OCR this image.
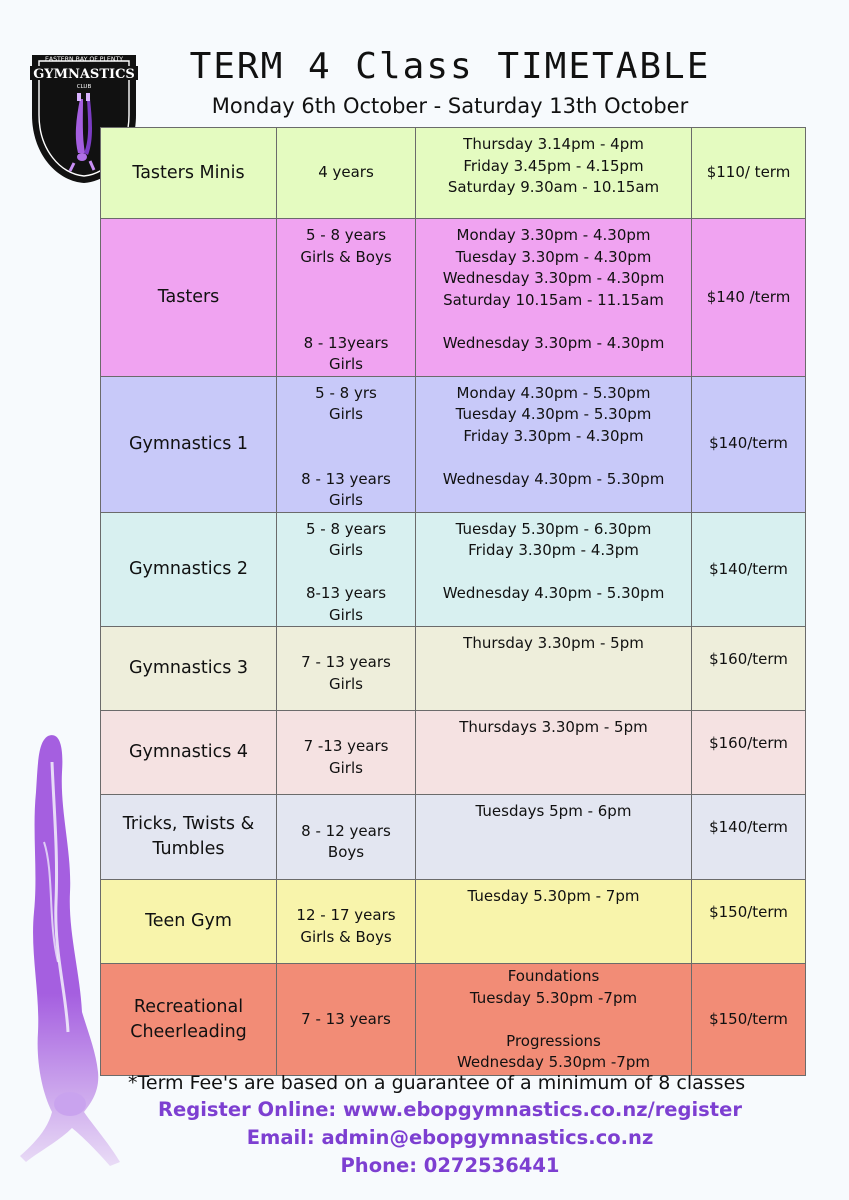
EASTERN BAY OF PLENTY
GYMNASTICS
CLUB	TERM 4 Class TIMETABLE
Monday 6th October - Saturday 13th October
Tasters Minis	4 years	Thursday 3.14pm - 4pm
Friday 3.45pm - 4.15pm
Saturday 9.30am - 10.15am	$110/ term

Tasters	5 - 8 years
Girls & Boys
8 - 13years
Girls	Monday 3.30pm - 4.30pm
Tuesday 3.30pm - 4.30pm
Wednesday 3.30pm - 4.30pm
Saturday 10.15am - 11.15am
Wednesday 3.30pm - 4.30pm	$140 /term

Gymnastics 1	5 - 8 yrs
Girls
8 - 13 years
Girls	Monday 4.30pm - 5.30pm
Tuesday 4.30pm - 5.30pm
Friday 3.30pm - 4.30pm
Wednesday 4.30pm - 5.30pm	$140/term

Gymnastics 2	5 - 8 years
Girls
8-13 years
Girls	Tuesday 5.30pm - 6.30pm
Friday 3.30pm - 4.3pm
Wednesday 4.30pm - 5.30pm	$140/term

Gymnastics 3	7 - 13 years
Girls	Thursday 3.30pm - 5pm	$160/term

Gymnastics 4	7 -13 years
Girls	Thursdays 3.30pm - 5pm	$160/term

Tricks, Twists &
Tumbles	8 - 12 years
Boys	Tuesdays 5pm - 6pm	$140/term

Teen Gym	12 - 17 years
Girls & Boys	Tuesday 5.30pm - 7pm	$150/term

Recreational
Cheerleading	7 - 13 years	Foundations
Tuesday 5.30pm -7pm
Progressions
Wednesday 5.30pm -7pm	$150/term
*Term Fee's are based on a guarantee of a minimum of 8 classes
Register Online: www.ebopgymnastics.co.nz/register
Email: admin@ebopgymnastics.co.nz
Phone: 0272536441
